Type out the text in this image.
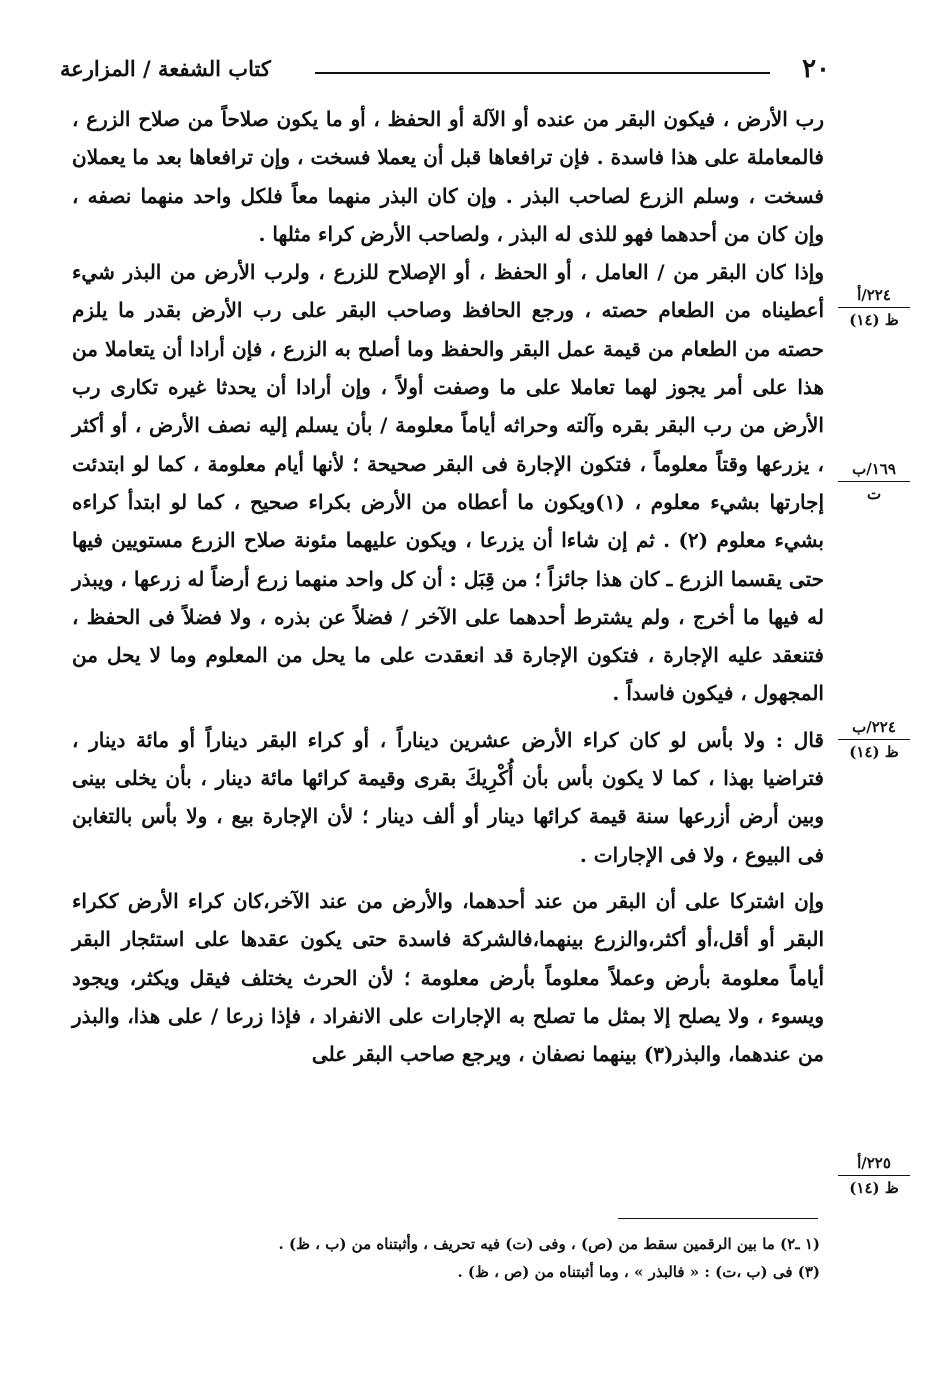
٢٠
كتاب الشفعة / المزارعة

رب الأرض ، فيكون البقر من عنده أو الآلة أو الحفظ ، أو ما يكون صلاحاً من صلاح الزرع ، فالمعاملة على هذا فاسدة . فإن ترافعاها قبل أن يعملا فسخت ، وإن ترافعاها بعد ما يعملان فسخت ، وسلم الزرع لصاحب البذر . وإن كان البذر منهما معاً فلكل واحد منهما نصفه ، وإن كان من أحدهما فهو للذى له البذر ، ولصاحب الأرض كراء مثلها .

وإذا كان البقر من / العامل ، أو الحفظ ، أو الإصلاح للزرع ، ولرب الأرض من البذر شيء أعطيناه من الطعام حصته ، ورجع الحافظ وصاحب البقر على رب الأرض بقدر ما يلزم حصته من الطعام من قيمة عمل البقر والحفظ وما أصلح به الزرع ، فإن أرادا أن يتعاملا من هذا على أمر يجوز لهما تعاملا على ما وصفت أولاً ، وإن أرادا أن يحدثا غيره تكارى رب الأرض من رب البقر بقره وآلته وحراثه أياماً معلومة / بأن يسلم إليه نصف الأرض ، أو أكثر ، يزرعها وقتاً معلوماً ، فتكون الإجارة فى البقر صحيحة ؛ لأنها أيام معلومة ، كما لو ابتدئت إجارتها بشيء معلوم ، (١)ويكون ما أعطاه من الأرض بكراء صحيح ، كما لو ابتدأ كراءه بشيء معلوم (٢) . ثم إن شاءا أن يزرعا ، ويكون عليهما مئونة صلاح الزرع مستويين فيها حتى يقسما الزرع ـ كان هذا جائزاً ؛ من قِبَل : أن كل واحد منهما زرع أرضاً له زرعها ، ويبذر له فيها ما أخرج ، ولم يشترط أحدهما على الآخر / فضلاً عن بذره ، ولا فضلاً فى الحفظ ، فتنعقد عليه الإجارة ، فتكون الإجارة قد انعقدت على ما يحل من المعلوم وما لا يحل من المجهول ، فيكون فاسداً .

قال : ولا بأس لو كان كراء الأرض عشرين ديناراً ، أو كراء البقر ديناراً أو مائة دينار ، فتراضيا بهذا ، كما لا يكون بأس بأن أُكْرِيكَ بقرى وقيمة كرائها مائة دينار ، بأن يخلى بينى وبين أرض أزرعها سنة قيمة كرائها دينار أو ألف دينار ؛ لأن الإجارة بيع ، ولا بأس بالتغابن فى البيوع ، ولا فى الإجارات .

وإن اشتركا على أن البقر من عند أحدهما، والأرض من عند الآخر،كان كراء الأرض ككراء البقر أو أقل،أو أكثر،والزرع بينهما،فالشركة فاسدة حتى يكون عقدها على استئجار البقر أياماً معلومة بأرض وعملاً معلوماً بأرض معلومة ؛ لأن الحرث يختلف فيقل ويكثر، ويجود ويسوء ، ولا يصلح إلا بمثل ما تصلح به الإجارات على الانفراد ، فإذا زرعا / على هذا، والبذر من عندهما، والبذر(٣) بينهما نصفان ، ويرجع صاحب البقر على

٢٢٤/أ
ظ (١٤)
١٦٩/ب
ت
٢٢٤/ب
ظ (١٤)
٢٢٥/أ
ظ (١٤)

(١ ـ٢) ما بين الرقمين سقط من (ص) ، وفى (ت) فيه تحريف ، وأثبتناه من (ب ، ظ) .

(٣) فى (ب ،ت) : « فالبذر » ، وما أثبتناه من (ص ، ظ) .
